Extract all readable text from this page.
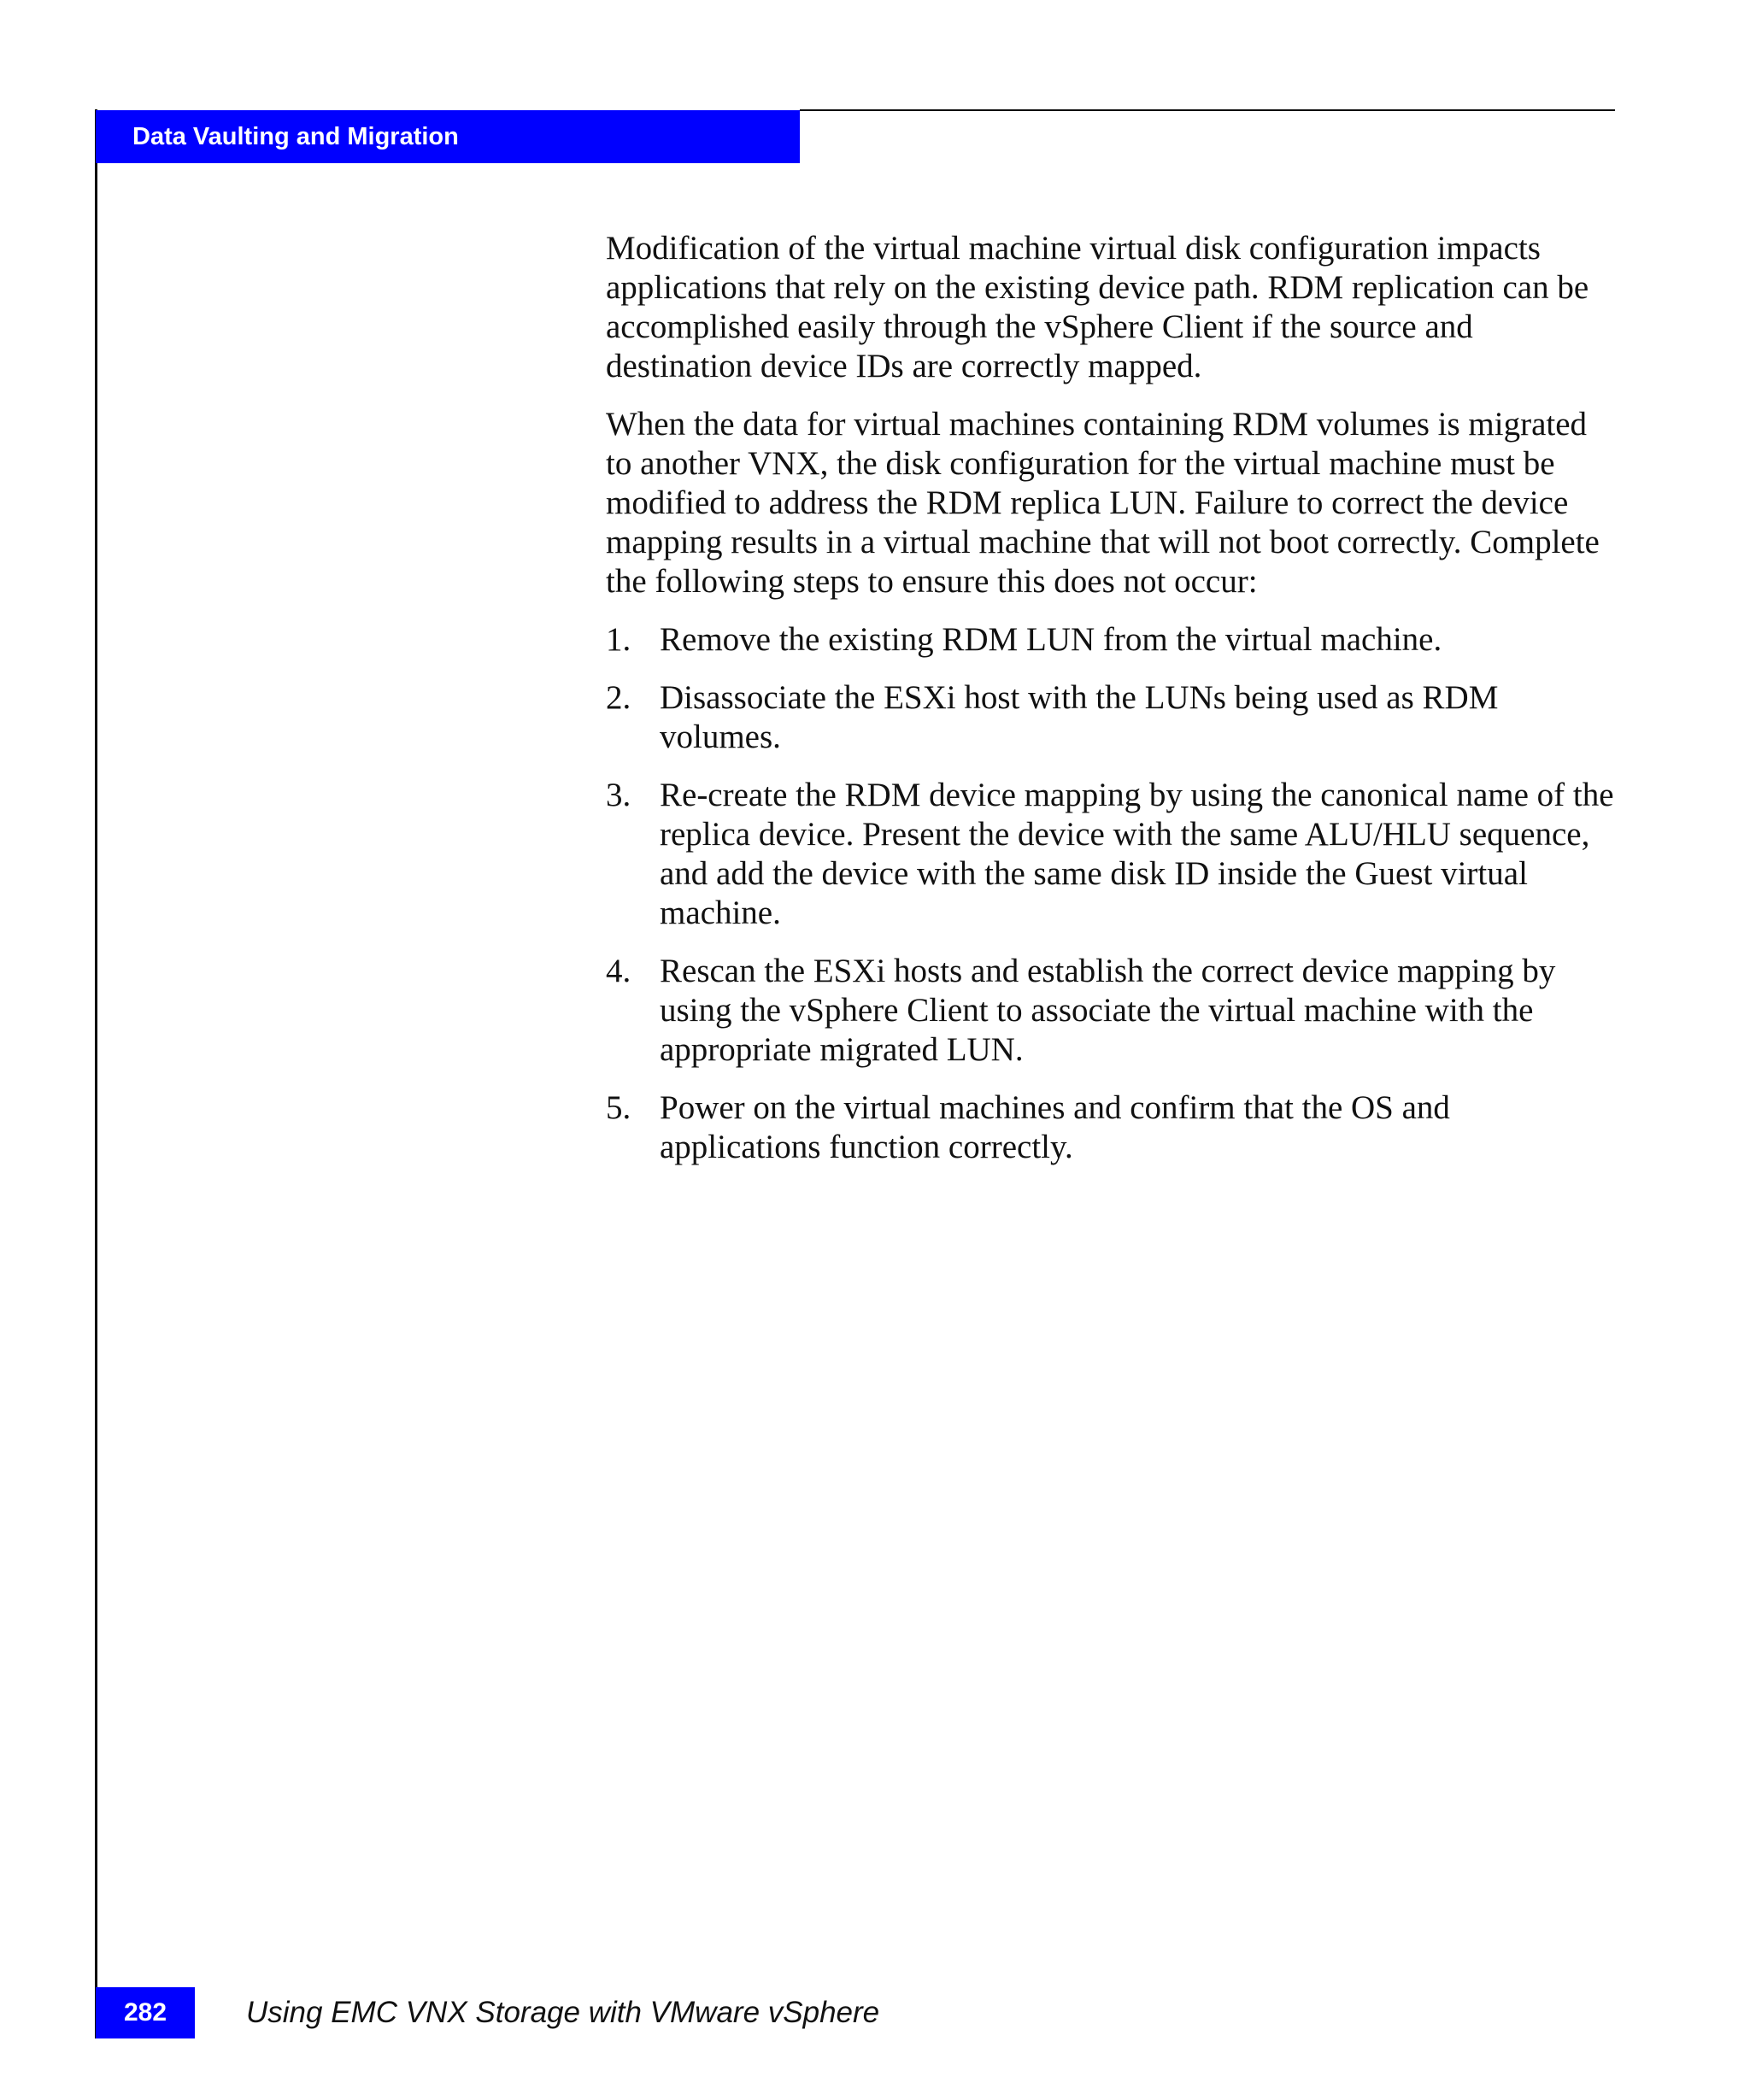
Data Vaulting and Migration

Modification of the virtual machine virtual disk configuration impacts applications that rely on the existing device path. RDM replication can be accomplished easily through the vSphere Client if the source and destination device IDs are correctly mapped.

When the data for virtual machines containing RDM volumes is migrated to another VNX, the disk configuration for the virtual machine must be modified to address the RDM replica LUN. Failure to correct the device mapping results in a virtual machine that will not boot correctly. Complete the following steps to ensure this does not occur:

1. Remove the existing RDM LUN from the virtual machine.
2. Disassociate the ESXi host with the LUNs being used as RDM volumes.
3. Re-create the RDM device mapping by using the canonical name of the replica device. Present the device with the same ALU/HLU sequence, and add the device with the same disk ID inside the Guest virtual machine.
4. Rescan the ESXi hosts and establish the correct device mapping by using the vSphere Client to associate the virtual machine with the appropriate migrated LUN.
5. Power on the virtual machines and confirm that the OS and applications function correctly.
282	Using EMC VNX Storage with VMware vSphere
